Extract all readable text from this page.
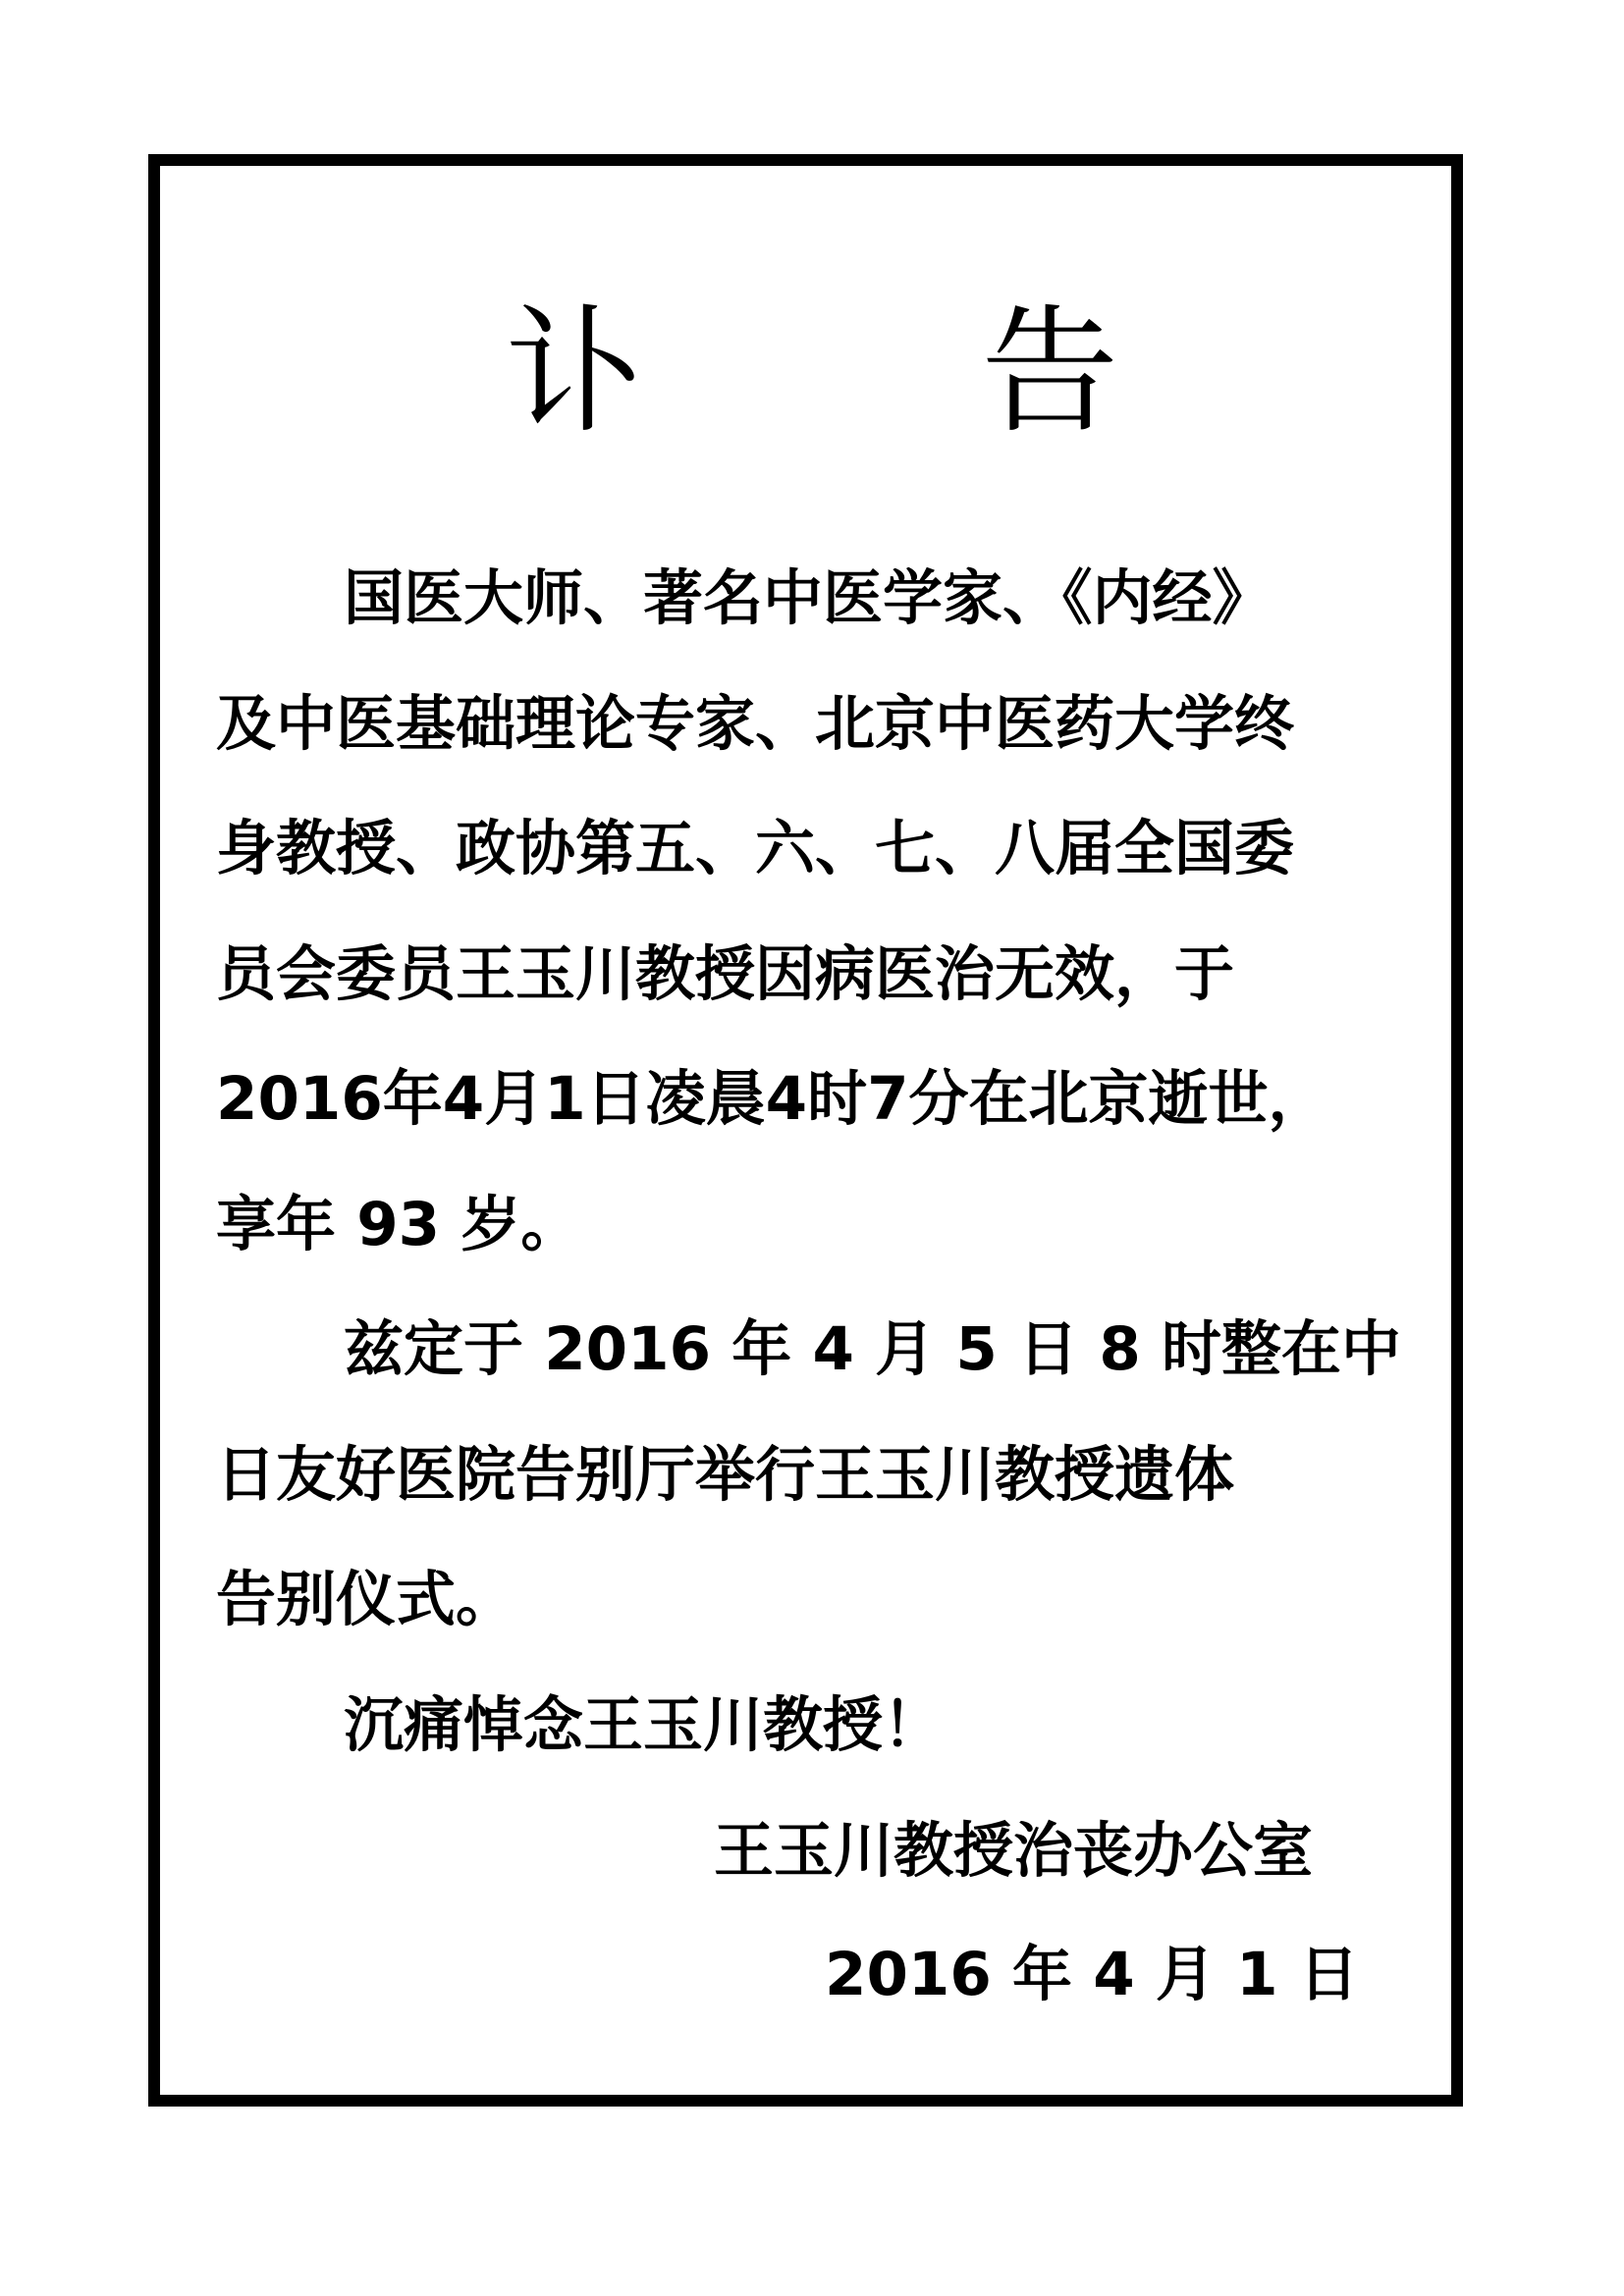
讣 告

国医大师、著名中医学家、《内经》
及中医基础理论专家、北京中医药大学终
身教授、政协第五、六、七、八届全国委
员会委员王玉川教授因病医治无效，于
2016年4月1日凌晨4时7分在北京逝世，
享年 93 岁。

兹定于 2016 年 4 月 5 日 8 时整在中
日友好医院告别厅举行王玉川教授遗体
告别仪式。

沉痛悼念王玉川教授！

王玉川教授治丧办公室
2016 年 4 月 1 日
